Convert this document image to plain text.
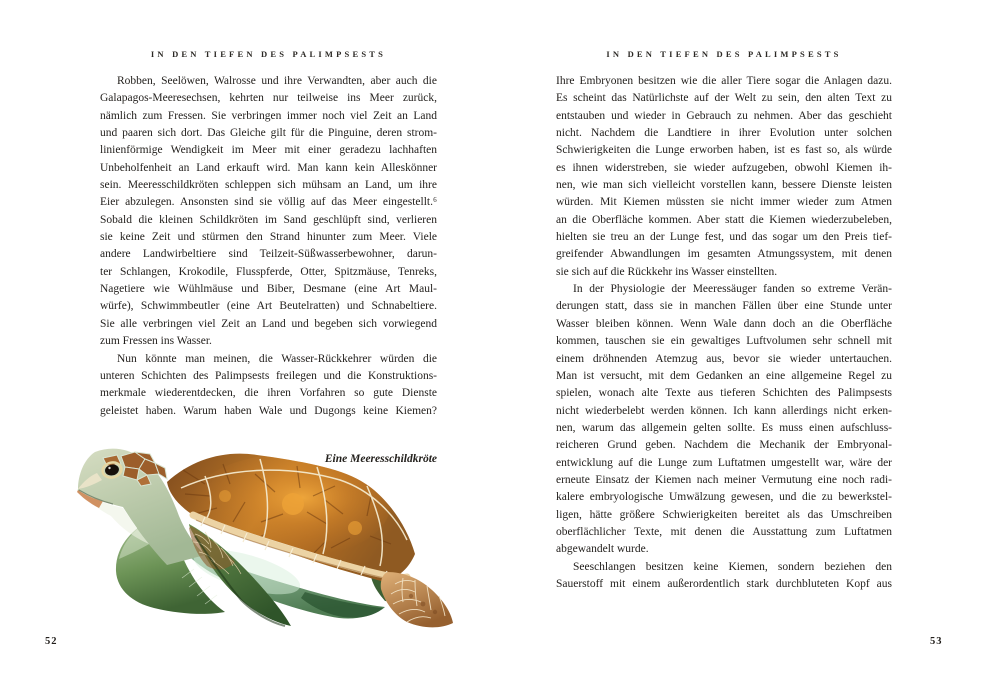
IN DEN TIEFEN DES PALIMPSESTS
Robben, Seelöwen, Walrosse und ihre Verwandten, aber auch die
Galapagos-Meeresechsen, kehrten nur teilweise ins Meer zurück,
nämlich zum Fressen. Sie verbringen immer noch viel Zeit an Land
und paaren sich dort. Das Gleiche gilt für die Pinguine, deren strom-
linienförmige Wendigkeit im Meer mit einer geradezu lachhaften
Unbeholfenheit an Land erkauft wird. Man kann kein Alleskönner
sein. Meeresschildkröten schleppen sich mühsam an Land, um ihre
Eier abzulegen. Ansonsten sind sie völlig auf das Meer eingestellt.⁶
Sobald die kleinen Schildkröten im Sand geschlüpft sind, verlieren
sie keine Zeit und stürmen den Strand hinunter zum Meer. Viele
andere Landwirbeltiere sind Teilzeit-Süßwasserbewohner, darun-
ter Schlangen, Krokodile, Flusspferde, Otter, Spitzmäuse, Tenreks,
Nagetiere wie Wühlmäuse und Biber, Desmane (eine Art Maul-
würfe), Schwimmbeutler (eine Art Beutelratten) und Schnabeltiere.
Sie alle verbringen viel Zeit an Land und begeben sich vorwiegend
zum Fressen ins Wasser.
Nun könnte man meinen, die Wasser-Rückkehrer würden die
unteren Schichten des Palimpsests freilegen und die Konstruktions-
merkmale wiederentdecken, die ihren Vorfahren so gute Dienste
geleistet haben. Warum haben Wale und Dugongs keine Kiemen?
Eine Meeresschildkröte
52
IN DEN TIEFEN DES PALIMPSESTS
Ihre Embryonen besitzen wie die aller Tiere sogar die Anlagen dazu.
Es scheint das Natürlichste auf der Welt zu sein, den alten Text zu
entstauben und wieder in Gebrauch zu nehmen. Aber das geschieht
nicht. Nachdem die Landtiere in ihrer Evolution unter solchen
Schwierigkeiten die Lunge erworben haben, ist es fast so, als würde
es ihnen widerstreben, sie wieder aufzugeben, obwohl Kiemen ih-
nen, wie man sich vielleicht vorstellen kann, bessere Dienste leisten
würden. Mit Kiemen müssten sie nicht immer wieder zum Atmen
an die Oberfläche kommen. Aber statt die Kiemen wiederzubeleben,
hielten sie treu an der Lunge fest, und das sogar um den Preis tief-
greifender Abwandlungen im gesamten Atmungssystem, mit denen
sie sich auf die Rückkehr ins Wasser einstellten.
In der Physiologie der Meeressäuger fanden so extreme Verän-
derungen statt, dass sie in manchen Fällen über eine Stunde unter
Wasser bleiben können. Wenn Wale dann doch an die Oberfläche
kommen, tauschen sie ein gewaltiges Luftvolumen sehr schnell mit
einem dröhnenden Atemzug aus, bevor sie wieder untertauchen.
Man ist versucht, mit dem Gedanken an eine allgemeine Regel zu
spielen, wonach alte Texte aus tieferen Schichten des Palimpsests
nicht wiederbelebt werden können. Ich kann allerdings nicht erken-
nen, warum das allgemein gelten sollte. Es muss einen aufschluss-
reicheren Grund geben. Nachdem die Mechanik der Embryonal-
entwicklung auf die Lunge zum Luftatmen umgestellt war, wäre der
erneute Einsatz der Kiemen nach meiner Vermutung eine noch radi-
kalere embryologische Umwälzung gewesen, und die zu bewerkstel-
ligen, hätte größere Schwierigkeiten bereitet als das Umschreiben
oberflächlicher Texte, mit denen die Ausstattung zum Luftatmen
abgewandelt wurde.
Seeschlangen besitzen keine Kiemen, sondern beziehen den
Sauerstoff mit einem außerordentlich stark durchbluteten Kopf aus
53
